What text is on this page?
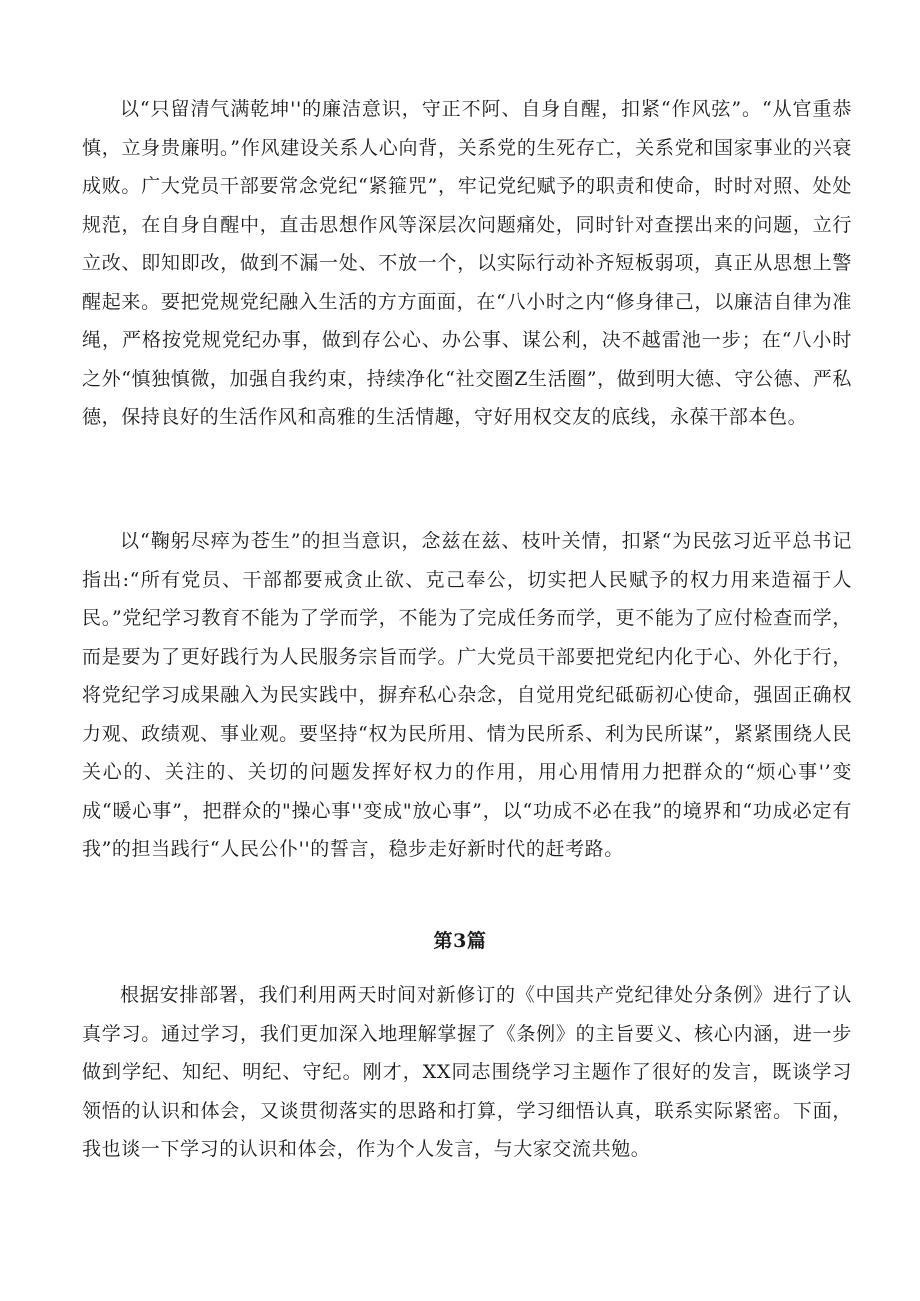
以“只留清气满乾坤''的廉洁意识，守正不阿、自身自醒，扣紧“作风弦”。“从官重恭慎，立身贵廉明。”作风建设关系人心向背，关系党的生死存亡，关系党和国家事业的兴衰成败。广大党员干部要常念党纪“紧箍咒”，牢记党纪赋予的职责和使命，时时对照、处处规范，在自身自醒中，直击思想作风等深层次问题痛处，同时针对查摆出来的问题，立行立改、即知即改，做到不漏一处、不放一个，以实际行动补齐短板弱项，真正从思想上警醒起来。要把党规党纪融入生活的方方面面，在“八小时之内“修身律己，以廉洁自律为准绳，严格按党规党纪办事，做到存公心、办公事、谋公利，决不越雷池一步；在“八小时之外“慎独慎微，加强自我约束，持续净化“社交圈Z生活圈”，做到明大德、守公德、严私德，保持良好的生活作风和高雅的生活情趣，守好用权交友的底线，永葆干部本色。

以“鞠躬尽瘁为苍生”的担当意识，念兹在兹、枝叶关情，扣紧“为民弦习近平总书记指出:“所有党员、干部都要戒贪止欲、克己奉公，切实把人民赋予的权力用来造福于人民。”党纪学习教育不能为了学而学，不能为了完成任务而学，更不能为了应付检查而学，而是要为了更好践行为人民服务宗旨而学。广大党员干部要把党纪内化于心、外化于行，将党纪学习成果融入为民实践中，摒弃私心杂念，自觉用党纪砥砺初心使命，强固正确权力观、政绩观、事业观。要坚持“权为民所用、情为民所系、利为民所谋”，紧紧围绕人民关心的、关注的、关切的问题发挥好权力的作用，用心用情用力把群众的“烦心事'’变成“暖心事”，把群众的"操心事''变成"放心事”，以“功成不必在我”的境界和“功成必定有我”的担当践行“人民公仆''的誓言，稳步走好新时代的赶考路。

第3篇

根据安排部署，我们利用两天时间对新修订的《中国共产党纪律处分条例》进行了认真学习。通过学习，我们更加深入地理解掌握了《条例》的主旨要义、核心内涵，进一步做到学纪、知纪、明纪、守纪。刚才，XX同志围绕学习主题作了很好的发言，既谈学习领悟的认识和体会，又谈贯彻落实的思路和打算，学习细悟认真，联系实际紧密。下面，我也谈一下学习的认识和体会，作为个人发言，与大家交流共勉。
